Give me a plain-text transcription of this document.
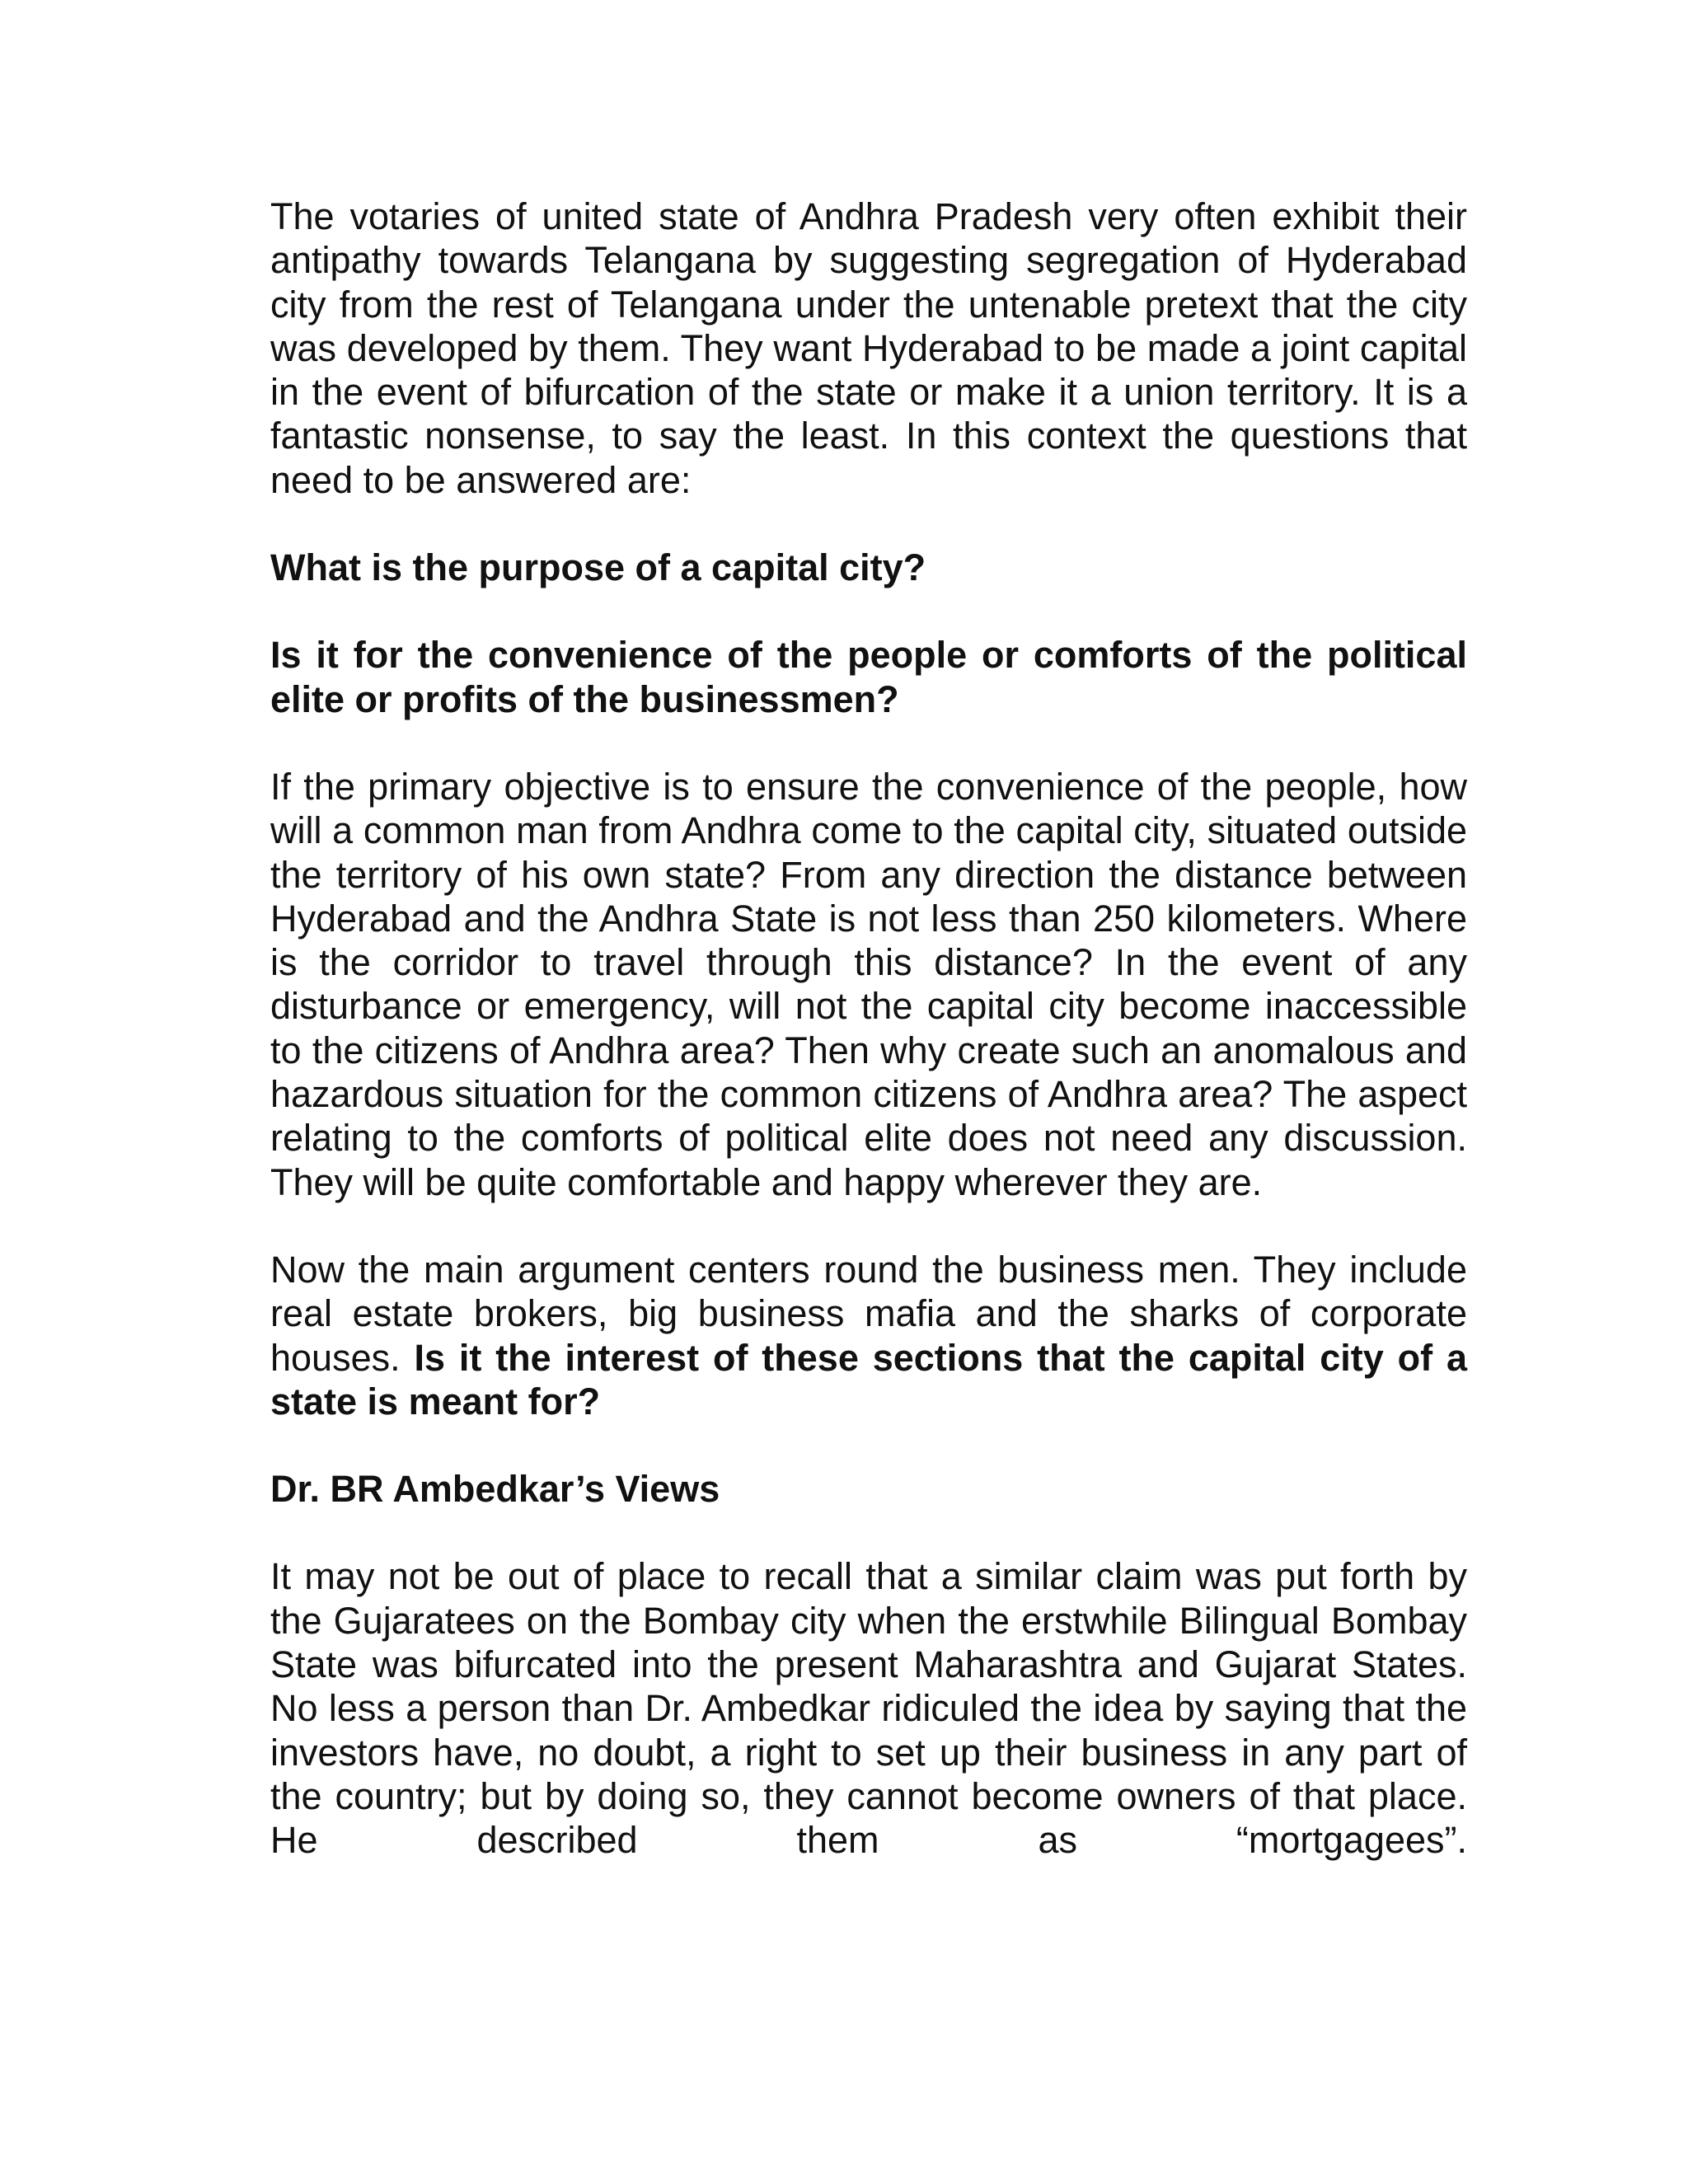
The votaries of united state of Andhra Pradesh very often exhibit their antipathy towards Telangana by suggesting segregation of Hyderabad city from the rest of Telangana under the untenable pretext that the city was developed by them. They want Hyderabad to be made a joint capital in the event of bifurcation of the state or make it a union territory. It is a fantastic nonsense, to say the least. In this context the questions that need to be answered are:

What is the purpose of a capital city?

Is it for the convenience of the people or comforts of the political elite or profits of the businessmen?

If the primary objective is to ensure the convenience of the people, how will a common man from Andhra come to the capital city, situated outside the territory of his own state? From any direction the distance between Hyderabad and the Andhra State is not less than 250 kilometers. Where is the corridor to travel through this distance? In the event of any disturbance or emergency, will not the capital city become inaccessible to the citizens of Andhra area? Then why create such an anomalous and hazardous situation for the common citizens of Andhra area? The aspect relating to the comforts of political elite does not need any discussion. They will be quite comfortable and happy wherever they are.

Now the main argument centers round the business men. They include real estate brokers, big business mafia and the sharks of corporate houses. Is it the interest of these sections that the capital city of a state is meant for?

Dr. BR Ambedkar’s Views

It may not be out of place to recall that a similar claim was put forth by the Gujaratees on the Bombay city when the erstwhile Bilingual Bombay State was bifurcated into the present Maharashtra and Gujarat States. No less a person than Dr. Ambedkar ridiculed the idea by saying that the investors have, no doubt, a right to set up their business in any part of the country; but by doing so, they cannot become owners of that place. He described them as “mortgagees”.
